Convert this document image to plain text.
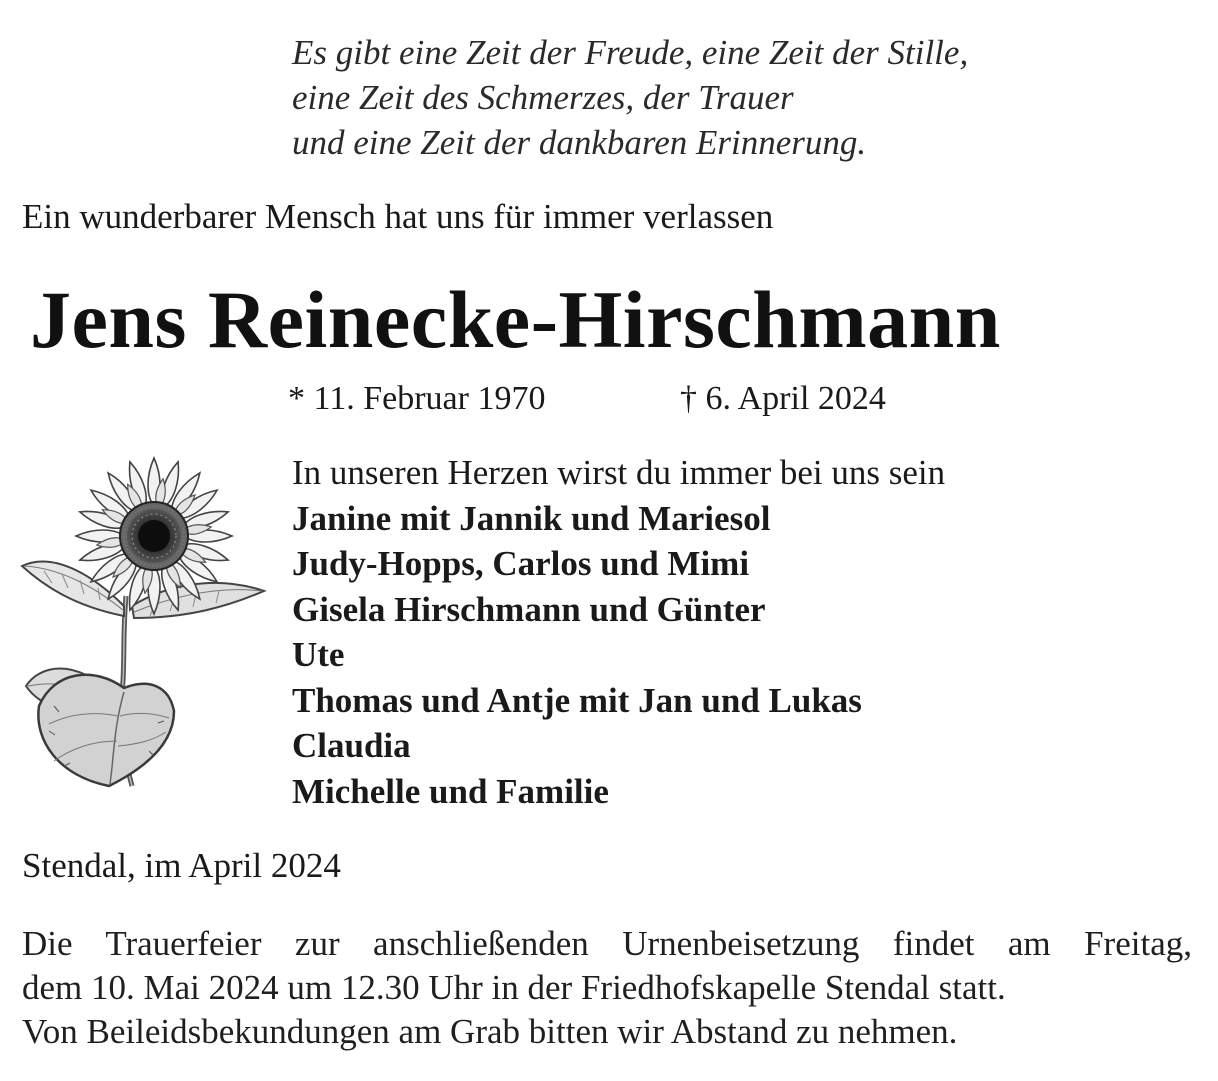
Es gibt eine Zeit der Freude, eine Zeit der Stille,
eine Zeit des Schmerzes, der Trauer
und eine Zeit der dankbaren Erinnerung.
Ein wunderbarer Mensch hat uns für immer verlassen
Jens Reinecke-Hirschmann
* 11. Februar 1970	† 6. April 2024
In unseren Herzen wirst du immer bei uns sein
Janine mit Jannik und Mariesol
Judy-Hopps, Carlos und Mimi
Gisela Hirschmann und Günter
Ute
Thomas und Antje mit Jan und Lukas
Claudia
Michelle und Familie
Stendal, im April 2024
Die Trauerfeier zur anschließenden Urnenbeisetzung findet am Freitag,
dem 10. Mai 2024 um 12.30 Uhr in der Friedhofskapelle Stendal statt.
Von Beileidsbekundungen am Grab bitten wir Abstand zu nehmen.
